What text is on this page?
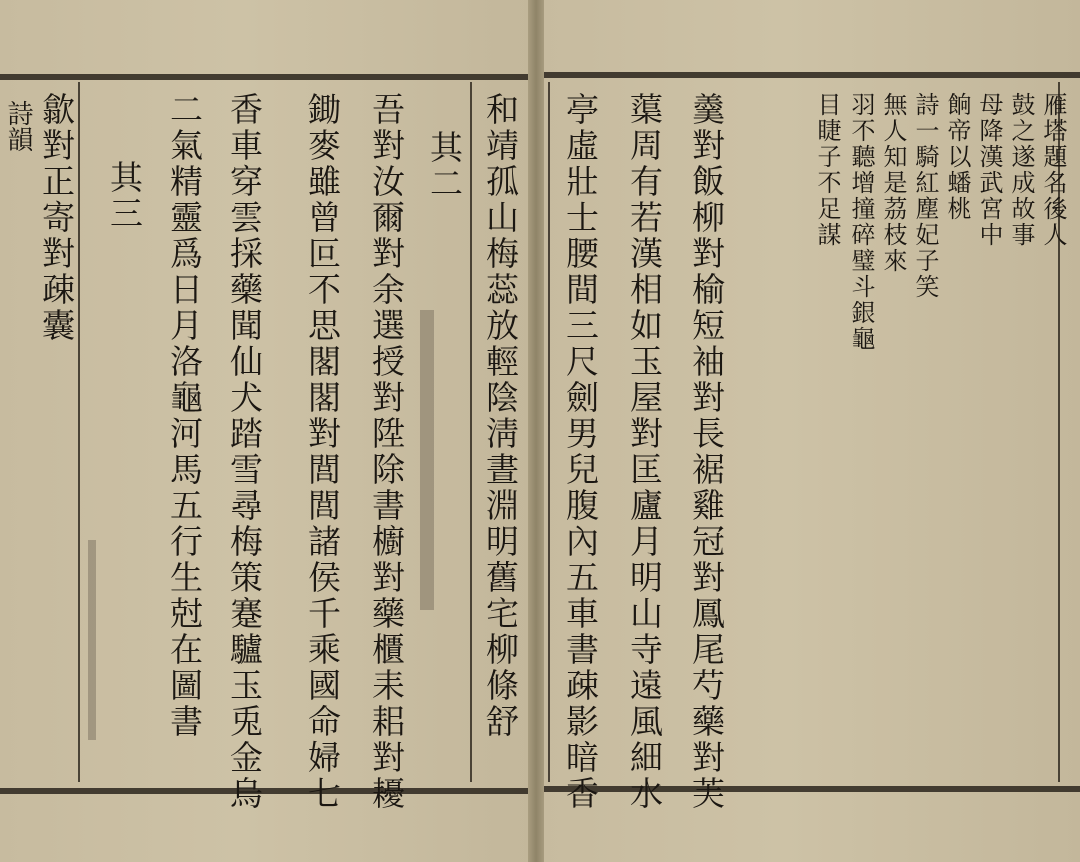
歙對正寄對疎囊 其三 二氣精靈爲日月洛龜河馬五行生尅在圖書 香車穿雲採藥聞仙犬踏雪尋梅策蹇驢玉兎金烏 鋤麥雖曾叵不思閣閣對閭閭諸侯千乘國命婦七 吾對汝爾對余選授對陞除書櫥對藥櫃耒耜對耰 其二 和靖孤山梅蕊放輕陰淸晝淵明舊宅柳條舒
詩韻	亭虛壯士腰間三尺劍男兒腹內五車書疎影暗香 蕖周有若漢相如玉屋對匡廬月明山寺遠風細水 羹對飯柳對榆短袖對長裾雞冠對鳳尾芍藥對芙	目睫子不足謀 羽不聽增撞碎璧斗銀龜 無人知是茘枝來 詩一騎紅塵妃子笑 餉帝以蟠桃 母降漢武宮中 鼓之遂成故事 雁塔題名後人
